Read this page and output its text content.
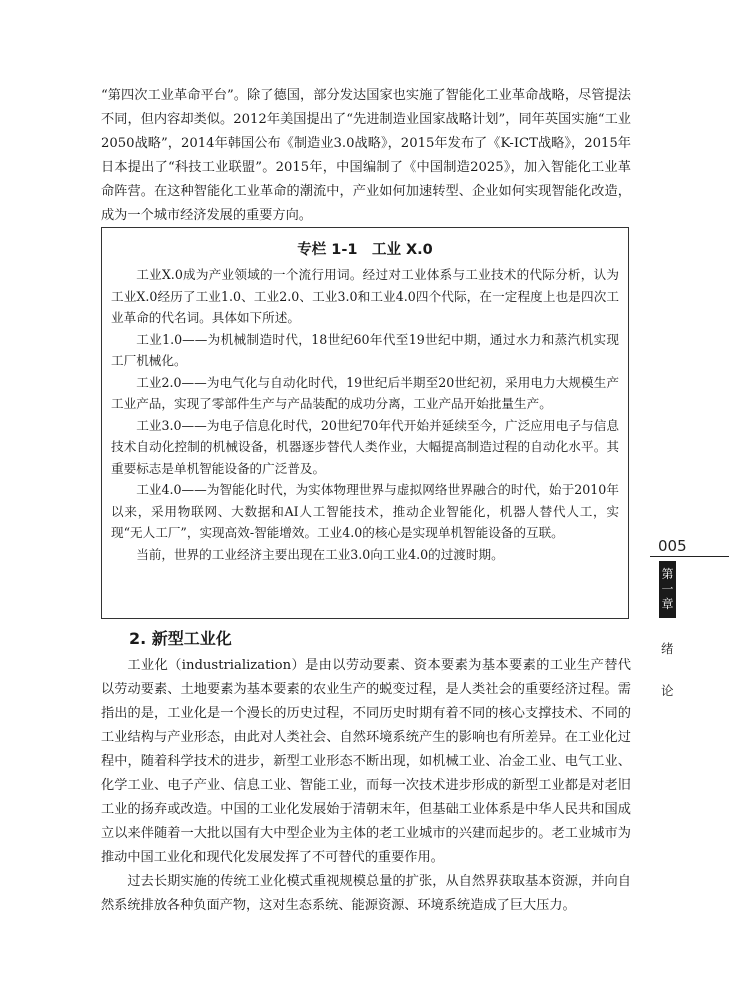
“第四次工业革命平台”。除了德国，部分发达国家也实施了智能化工业革命战略，尽管提法不同，但内容却类似。2012年美国提出了“先进制造业国家战略计划”，同年英国实施“工业2050战略”，2014年韩国公布《制造业3.0战略》，2015年发布了《K-ICT战略》，2015年日本提出了“科技工业联盟”。2015年，中国编制了《中国制造2025》，加入智能化工业革命阵营。在这种智能化工业革命的潮流中，产业如何加速转型、企业如何实现智能化改造，成为一个城市经济发展的重要方向。

专栏 1-1　工业 X.0

工业X.0成为产业领域的一个流行用词。经过对工业体系与工业技术的代际分析，认为工业X.0经历了工业1.0、工业2.0、工业3.0和工业4.0四个代际，在一定程度上也是四次工业革命的代名词。具体如下所述。

工业1.0——为机械制造时代，18世纪60年代至19世纪中期，通过水力和蒸汽机实现工厂机械化。

工业2.0——为电气化与自动化时代，19世纪后半期至20世纪初，采用电力大规模生产工业产品，实现了零部件生产与产品装配的成功分离，工业产品开始批量生产。

工业3.0——为电子信息化时代，20世纪70年代开始并延续至今，广泛应用电子与信息技术自动化控制的机械设备，机器逐步替代人类作业，大幅提高制造过程的自动化水平。其重要标志是单机智能设备的广泛普及。

工业4.0——为智能化时代，为实体物理世界与虚拟网络世界融合的时代，始于2010年以来，采用物联网、大数据和AI人工智能技术，推动企业智能化，机器人替代人工，实现“无人工厂”，实现高效-智能增效。工业4.0的核心是实现单机智能设备的互联。

当前，世界的工业经济主要出现在工业3.0向工业4.0的过渡时期。

2. 新型工业化

工业化（industrialization）是由以劳动要素、资本要素为基本要素的工业生产替代以劳动要素、土地要素为基本要素的农业生产的蜕变过程，是人类社会的重要经济过程。需指出的是，工业化是一个漫长的历史过程，不同历史时期有着不同的核心支撑技术、不同的工业结构与产业形态，由此对人类社会、自然环境系统产生的影响也有所差异。在工业化过程中，随着科学技术的进步，新型工业形态不断出现，如机械工业、冶金工业、电气工业、化学工业、电子产业、信息工业、智能工业，而每一次技术进步形成的新型工业都是对老旧工业的扬弃或改造。中国的工业化发展始于清朝末年，但基础工业体系是中华人民共和国成立以来伴随着一大批以国有大中型企业为主体的老工业城市的兴建而起步的。老工业城市为推动中国工业化和现代化发展发挥了不可替代的重要作用。

过去长期实施的传统工业化模式重视规模总量的扩张，从自然界获取基本资源，并向自然系统排放各种负面产物，这对生态系统、能源资源、环境系统造成了巨大压力。

005
第
一
章
绪
论
